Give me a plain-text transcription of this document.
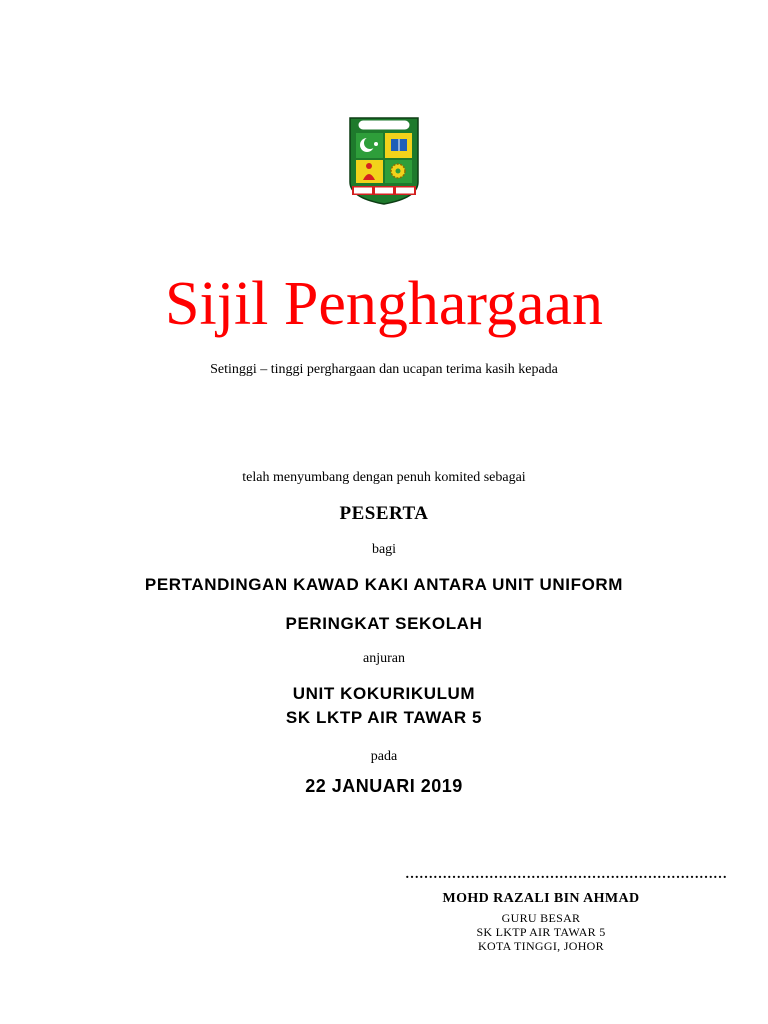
Sijil Penghargaan
Setinggi – tinggi perghargaan dan ucapan terima kasih kepada
telah menyumbang dengan penuh komited sebagai
PESERTA
bagi
PERTANDINGAN KAWAD KAKI ANTARA UNIT UNIFORM
PERINGKAT SEKOLAH
anjuran
UNIT KOKURIKULUM
SK LKTP AIR TAWAR 5
pada
22 JANUARI 2019
……………………………………………………………
MOHD RAZALI BIN AHMAD
GURU BESAR
SK LKTP AIR TAWAR 5
KOTA TINGGI, JOHOR
